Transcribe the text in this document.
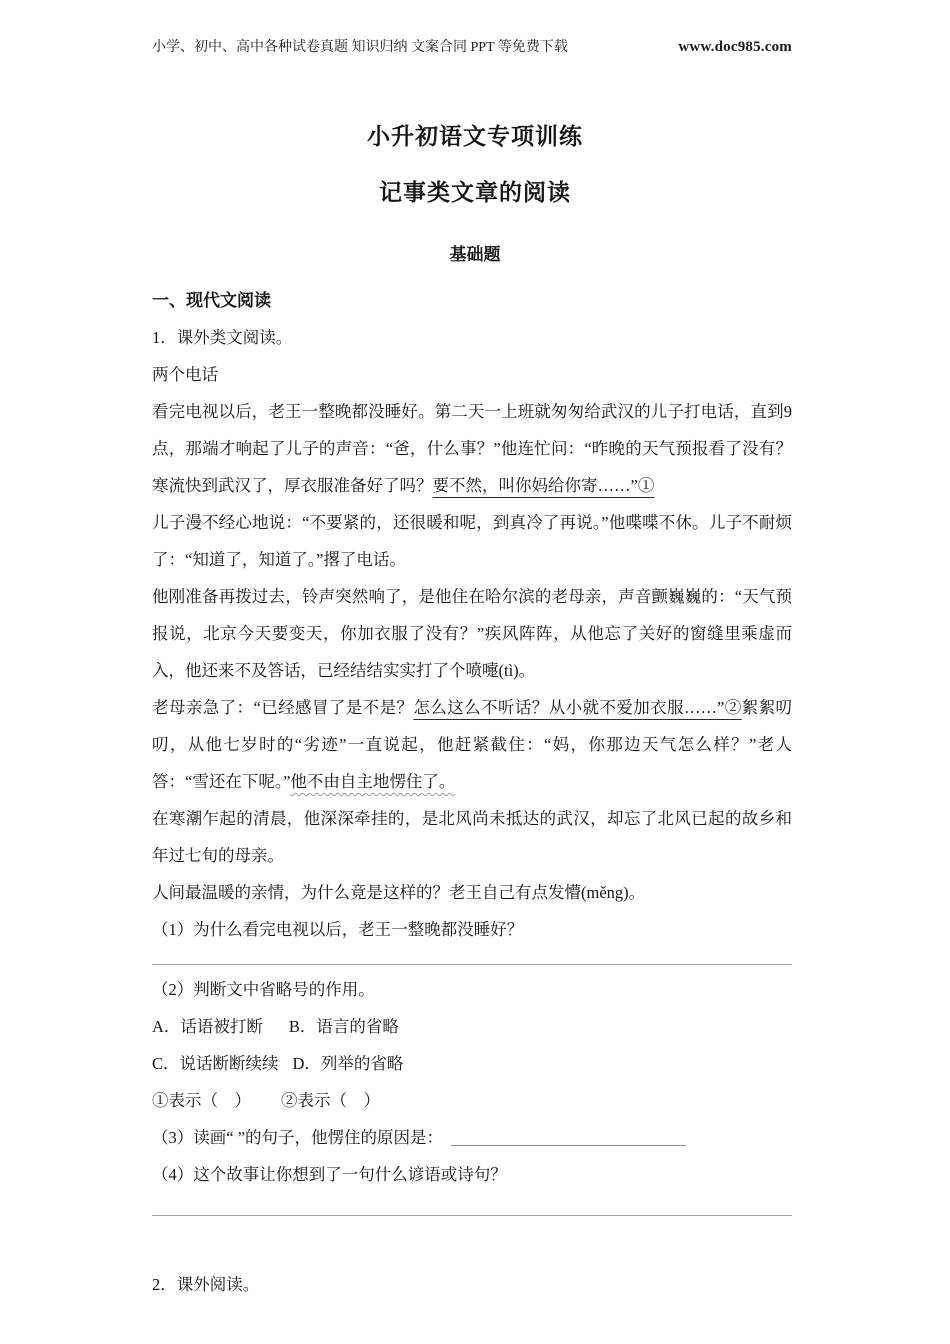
小学、初中、高中各种试卷真题 知识归纳 文案合同 PPT 等免费下载	www.doc985.com
小升初语文专项训练
记事类文章的阅读
基础题
一、现代文阅读
1．课外类文阅读。
两个电话

看完电视以后，老王一整晚都没睡好。第二天一上班就匆匆给武汉的儿子打电话，直到9点，那端才响起了儿子的声音：“爸，什么事？”他连忙问：“昨晚的天气预报看了没有？寒流快到武汉了，厚衣服准备好了吗？要不然，叫你妈给你寄……”①

儿子漫不经心地说：“不要紧的，还很暖和呢，到真冷了再说。”他喋喋不休。儿子不耐烦了：“知道了，知道了。”撂了电话。

他刚准备再拨过去，铃声突然响了，是他住在哈尔滨的老母亲，声音颤巍巍的：“天气预报说，北京今天要变天，你加衣服了没有？”疾风阵阵，从他忘了关好的窗缝里乘虚而入，他还来不及答话，已经结结实实打了个喷嚏(tì)。

老母亲急了：“已经感冒了是不是？怎么这么不听话？从小就不爱加衣服……”②絮絮叨叨，从他七岁时的“劣迹”一直说起，他赶紧截住：“妈，你那边天气怎么样？”老人答：“雪还在下呢。”他不由自主地愣住了。

在寒潮乍起的清晨，他深深牵挂的，是北风尚未抵达的武汉，却忘了北风已起的故乡和年过七旬的母亲。

人间最温暖的亲情，为什么竟是这样的？老王自己有点发懵(měng)。

（1）为什么看完电视以后，老王一整晚都没睡好？
（2）判断文中省略号的作用。
A．话语被打断 B．语言的省略
C．说话断断续续 D．列举的省略
①表示（　） ②表示（　）
（3）读画“ ”的句子，他愣住的原因是：
（4）这个故事让你想到了一句什么谚语或诗句？
2．课外阅读。
